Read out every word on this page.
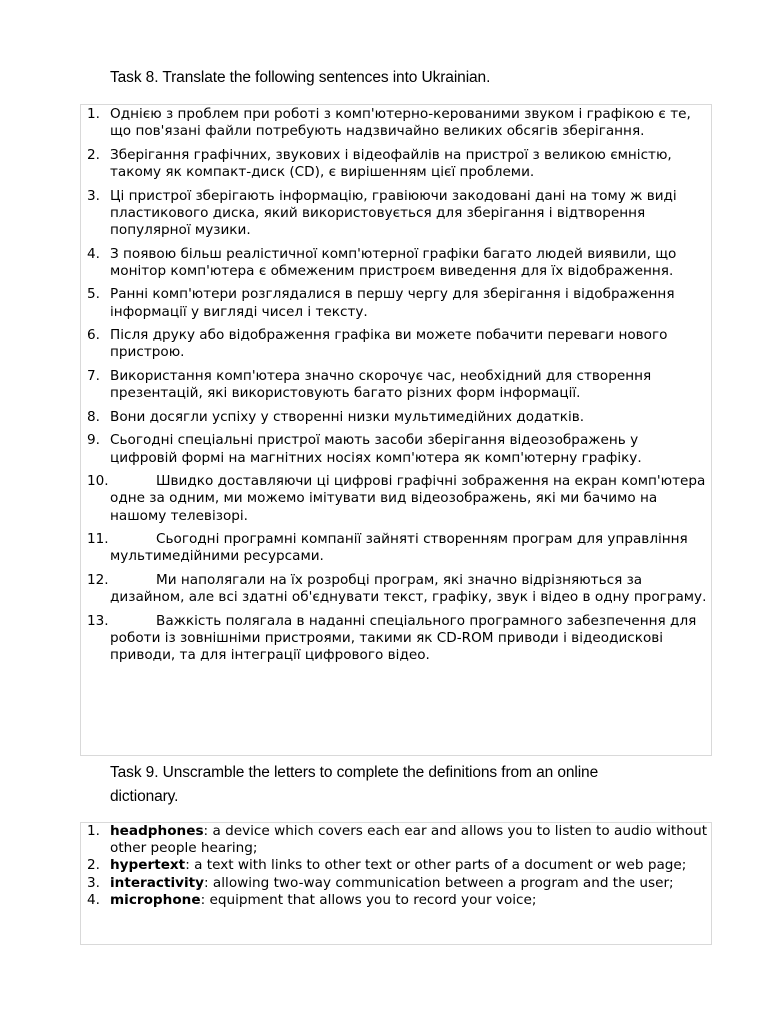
Task 8. Translate the following sentences into Ukrainian.
1. Однією з проблем при роботі з комп'ютерно-керованими звуком і графікою є те, що пов'язані файли потребують надзвичайно великих обсягів зберігання.
2. Зберігання графічних, звукових і відеофайлів на пристрої з великою ємністю, такому як компакт-диск (CD), є вирішенням цієї проблеми.
3. Ці пристрої зберігають інформацію, гравіюючи закодовані дані на тому ж виді пластикового диска, який використовується для зберігання і відтворення популярної музики.
4. З появою більш реалістичної комп'ютерної графіки багато людей виявили, що монітор комп'ютера є обмеженим пристроєм виведення для їх відображення.
5. Ранні комп'ютери розглядалися в першу чергу для зберігання і відображення інформації у вигляді чисел і тексту.
6. Після друку або відображення графіка ви можете побачити переваги нового пристрою.
7. Використання комп'ютера значно скорочує час, необхідний для створення презентацій, які використовують багато різних форм інформації.
8. Вони досягли успіху у створенні низки мультимедійних додатків.
9. Сьогодні спеціальні пристрої мають засоби зберігання відеозображень у цифровій формі на магнітних носіях комп'ютера як комп'ютерну графіку.
10.	Швидко доставляючи ці цифрові графічні зображення на екран комп'ютера одне за одним, ми можемо імітувати вид відеозображень, які ми бачимо на нашому телевізорі.
11.	Сьогодні програмні компанії зайняті створенням програм для управління мультимедійними ресурсами.
12.	Ми наполягали на їх розробці програм, які значно відрізняються за дизайном, але всі здатні об'єднувати текст, графіку, звук і відео в одну програму.
13.	Важкість полягала в наданні спеціального програмного забезпечення для роботи із зовнішніми пристроями, такими як CD-ROM приводи і відеодискові приводи, та для інтеграції цифрового відео.
Task 9. Unscramble the letters to complete the definitions from an online dictionary.
1. headphones: a device which covers each ear and allows you to listen to audio without other people hearing;
2. hypertext: a text with links to other text or other parts of a document or web page;
3. interactivity: allowing two-way communication between a program and the user;
4. microphone: equipment that allows you to record your voice;
